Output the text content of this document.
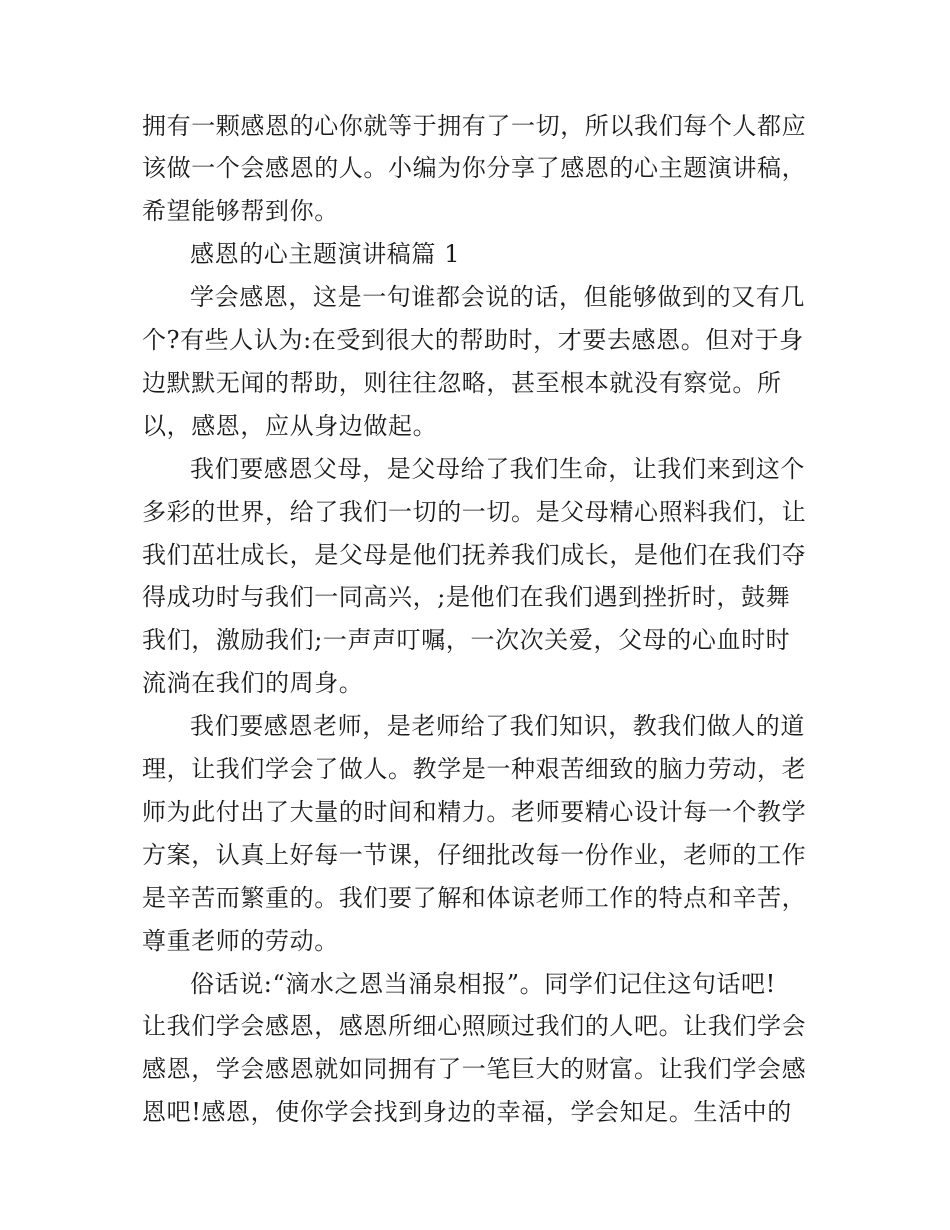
拥有一颗感恩的心你就等于拥有了一切，所以我们每个人都应

该做一个会感恩的人。小编为你分享了感恩的心主题演讲稿，

希望能够帮到你。

感恩的心主题演讲稿篇 1

学会感恩，这是一句谁都会说的话，但能够做到的又有几

个?有些人认为:在受到很大的帮助时，才要去感恩。但对于身

边默默无闻的帮助，则往往忽略，甚至根本就没有察觉。所

以，感恩，应从身边做起。

我们要感恩父母，是父母给了我们生命，让我们来到这个

多彩的世界，给了我们一切的一切。是父母精心照料我们，让

我们茁壮成长，是父母是他们抚养我们成长，是他们在我们夺

得成功时与我们一同高兴，;是他们在我们遇到挫折时，鼓舞

我们，激励我们;一声声叮嘱，一次次关爱，父母的心血时时

流淌在我们的周身。

我们要感恩老师，是老师给了我们知识，教我们做人的道

理，让我们学会了做人。教学是一种艰苦细致的脑力劳动，老

师为此付出了大量的时间和精力。老师要精心设计每一个教学

方案，认真上好每一节课，仔细批改每一份作业，老师的工作

是辛苦而繁重的。我们要了解和体谅老师工作的特点和辛苦，

尊重老师的劳动。

俗话说:“滴水之恩当涌泉相报”。同学们记住这句话吧!

让我们学会感恩，感恩所细心照顾过我们的人吧。让我们学会

感恩，学会感恩就如同拥有了一笔巨大的财富。让我们学会感

恩吧!感恩，使你学会找到身边的幸福，学会知足。生活中的
